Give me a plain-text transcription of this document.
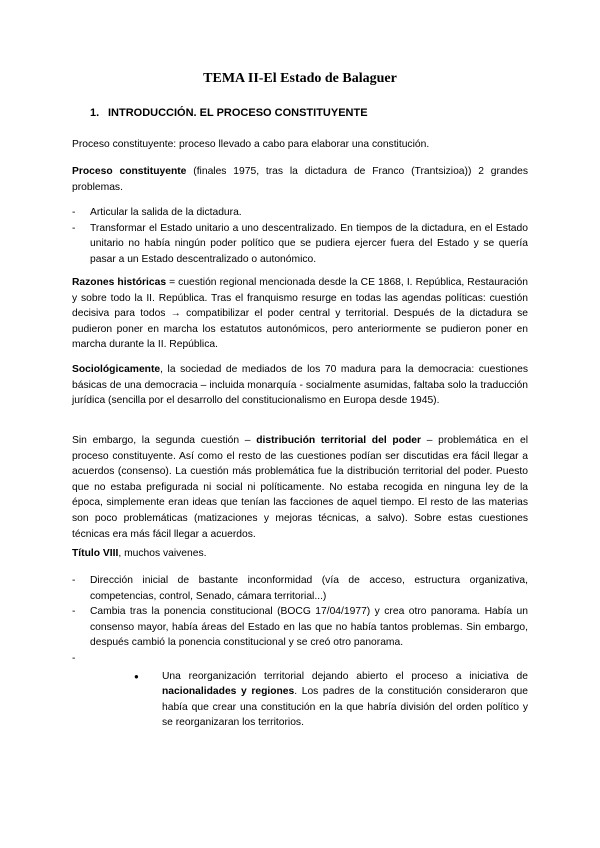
TEMA II-El Estado de Balaguer
1. INTRODUCCIÓN. EL PROCESO CONSTITUYENTE

Proceso constituyente: proceso llevado a cabo para elaborar una constitución.

Proceso constituyente (finales 1975, tras la dictadura de Franco (Trantsizioa)) 2 grandes problemas.

- Articular la salida de la dictadura.
- Transformar el Estado unitario a uno descentralizado. En tiempos de la dictadura, en el Estado unitario no había ningún poder político que se pudiera ejercer fuera del Estado y se quería pasar a un Estado descentralizado o autonómico.

Razones históricas = cuestión regional mencionada desde la CE 1868, I. República, Restauración y sobre todo la II. República. Tras el franquismo resurge en todas las agendas políticas: cuestión decisiva para todos → compatibilizar el poder central y territorial. Después de la dictadura se pudieron poner en marcha los estatutos autonómicos, pero anteriormente se pudieron poner en marcha durante la II. República.

Sociológicamente, la sociedad de mediados de los 70 madura para la democracia: cuestiones básicas de una democracia – incluida monarquía - socialmente asumidas, faltaba solo la traducción jurídica (sencilla por el desarrollo del constitucionalismo en Europa desde 1945).

Sin embargo, la segunda cuestión – distribución territorial del poder – problemática en el proceso constituyente. Así como el resto de las cuestiones podían ser discutidas era fácil llegar a acuerdos (consenso). La cuestión más problemática fue la distribución territorial del poder. Puesto que no estaba prefigurada ni social ni políticamente. No estaba recogida en ninguna ley de la época, simplemente eran ideas que tenían las facciones de aquel tiempo. El resto de las materias son poco problemáticas (matizaciones y mejoras técnicas, a salvo). Sobre estas cuestiones técnicas era más fácil llegar a acuerdos.

Título VIII, muchos vaivenes.

- Dirección inicial de bastante inconformidad (vía de acceso, estructura organizativa, competencias, control, Senado, cámara territorial...)
- Cambia tras la ponencia constitucional (BOCG 17/04/1977) y crea otro panorama. Había un consenso mayor, había áreas del Estado en las que no había tantos problemas. Sin embargo, después cambió la ponencia constitucional y se creó otro panorama.

● - Una reorganización territorial dejando abierto el proceso a iniciativa de nacionalidades y regiones. Los padres de la constitución consideraron que había que crear una constitución en la que habría división del orden político y se reorganizaran los territorios.
